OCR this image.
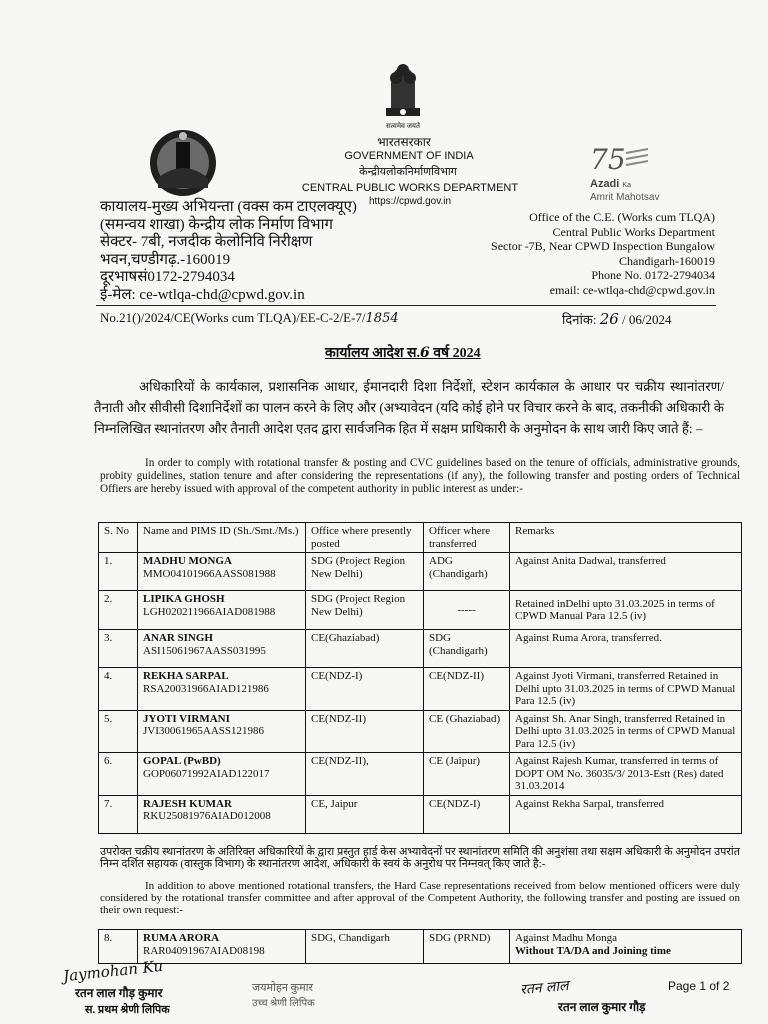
सत्यमेव जयते
भारतसरकार
GOVERNMENT OF INDIA
केन्द्रीयलोकनिर्माणविभाग
CENTRAL PUBLIC WORKS DEPARTMENT
https://cpwd.gov.in
75
Azadi Ka
Amrit Mahotsav
कायालय-मुख्य अभियन्ता (वक्स कम टाएलक्यूए)
(समन्वय शाखा) केन्द्रीय लोक निर्माण विभाग
सेक्टर- 7बी, नजदीक केलोनिवि निरीक्षण
भवन,चण्डीगढ़.-160019
दूरभाषसं0172-2794034
ई-मेल: ce-wtlqa-chd@cpwd.gov.in
Office of the C.E. (Works cum TLQA)
Central Public Works Department
Sector -7B, Near CPWD Inspection Bungalow
Chandigarh-160019
Phone No. 0172-2794034
email: ce-wtlqa-chd@cpwd.gov.in
No.21()/2024/CE(Works cum TLQA)/EE-C-2/E-7/1854	दिनांक: 26 / 06/2024
कार्यालय आदेश स.6 वर्ष 2024
अधिकारियों के कार्यकाल, प्रशासनिक आधार, ईमानदारी दिशा निर्देशों, स्टेशन कार्यकाल के आधार पर चक्रीय स्थानांतरण/ तैनाती और सीवीसी दिशानिर्देशों का पालन करने के लिए और (अभ्यावेदन (यदि कोई होने पर विचार करने के बाद, तकनीकी अधिकारी के निम्नलिखित स्थानांतरण और तैनाती आदेश एतद द्वारा सार्वजनिक हित में सक्षम प्राधिकारी के अनुमोदन के साथ जारी किए जाते हैं: –
In order to comply with rotational transfer & posting and CVC guidelines based on the tenure of officials, administrative grounds, probity guidelines, station tenure and after considering the representations (if any), the following transfer and posting orders of Technical Offiers are hereby issued with approval of the competent authority in public interest as under:-
S. No	Name and PIMS ID (Sh./Smt./Ms.)	Office where presently posted	Officer where transferred	Remarks
1.	MADHU MONGA
MMO04101966AASS081988	SDG (Project Region New Delhi)	ADG (Chandigarh)	Against Anita Dadwal, transferred
2.	LIPIKA GHOSH
LGH020211966AIAD081988	SDG (Project Region New Delhi)	-----	Retained inDelhi upto 31.03.2025 in terms of CPWD Manual Para 12.5 (iv)
3.	ANAR SINGH
ASI15061967AASS031995	CE(Ghaziabad)	SDG (Chandigarh)	Against Ruma Arora, transferred.
4.	REKHA SARPAL
RSA20031966AIAD121986	CE(NDZ-I)	CE(NDZ-II)	Against Jyoti Virmani, transferred Retained in Delhi upto 31.03.2025 in terms of CPWD Manual Para 12.5 (iv)
5.	JYOTI VIRMANI
JVI30061965AASS121986	CE(NDZ-II)	CE (Ghaziabad)	Against Sh. Anar Singh, transferred Retained in Delhi upto 31.03.2025 in terms of CPWD Manual Para 12.5 (iv)
6.	GOPAL (PwBD)
GOP06071992AIAD122017	CE(NDZ-II),	CE (Jaipur)	Against Rajesh Kumar, transferred in terms of DOPT OM No. 36035/3/ 2013-Estt (Res) dated 31.03.2014
7.	RAJESH KUMAR
RKU25081976AIAD012008	CE, Jaipur	CE(NDZ-I)	Against Rekha Sarpal, transferred
उपरोक्त चक्रीय स्थानांतरण के अतिरिक्त अधिकारियों के द्वारा प्रस्तुत हार्ड केस अभ्यावेदनों पर स्थानांतरण समिति की अनुशंसा तथा सक्षम अधिकारी के अनुमोदन उपरांत निम्न दर्शित सहायक (वास्तुक विभाग) के स्थानांतरण आदेश, अधिकारी के स्वयं के अनुरोध पर निम्नवत् किए जाते है:-
In addition to above mentioned rotational transfers, the Hard Case representations received from below mentioned officers were duly considered by the rotational transfer committee and after approval of the Competent Authority, the following transfer and posting are issued on their own request:-
8.	RUMA ARORA
RAR04091967AIAD08198
	SDG, Chandigarh	SDG (PRND)	Against Madhu Monga
Without TA/DA and Joining time
Jaymohan Ku
रतन लाल गौड़ कुमार
स. प्रथम श्रेणी लिपिक
जयमोहन कुमार
उच्च श्रेणी लिपिक
रतन लाल
रतन लाल कुमार गौड़
Page 1 of 2
